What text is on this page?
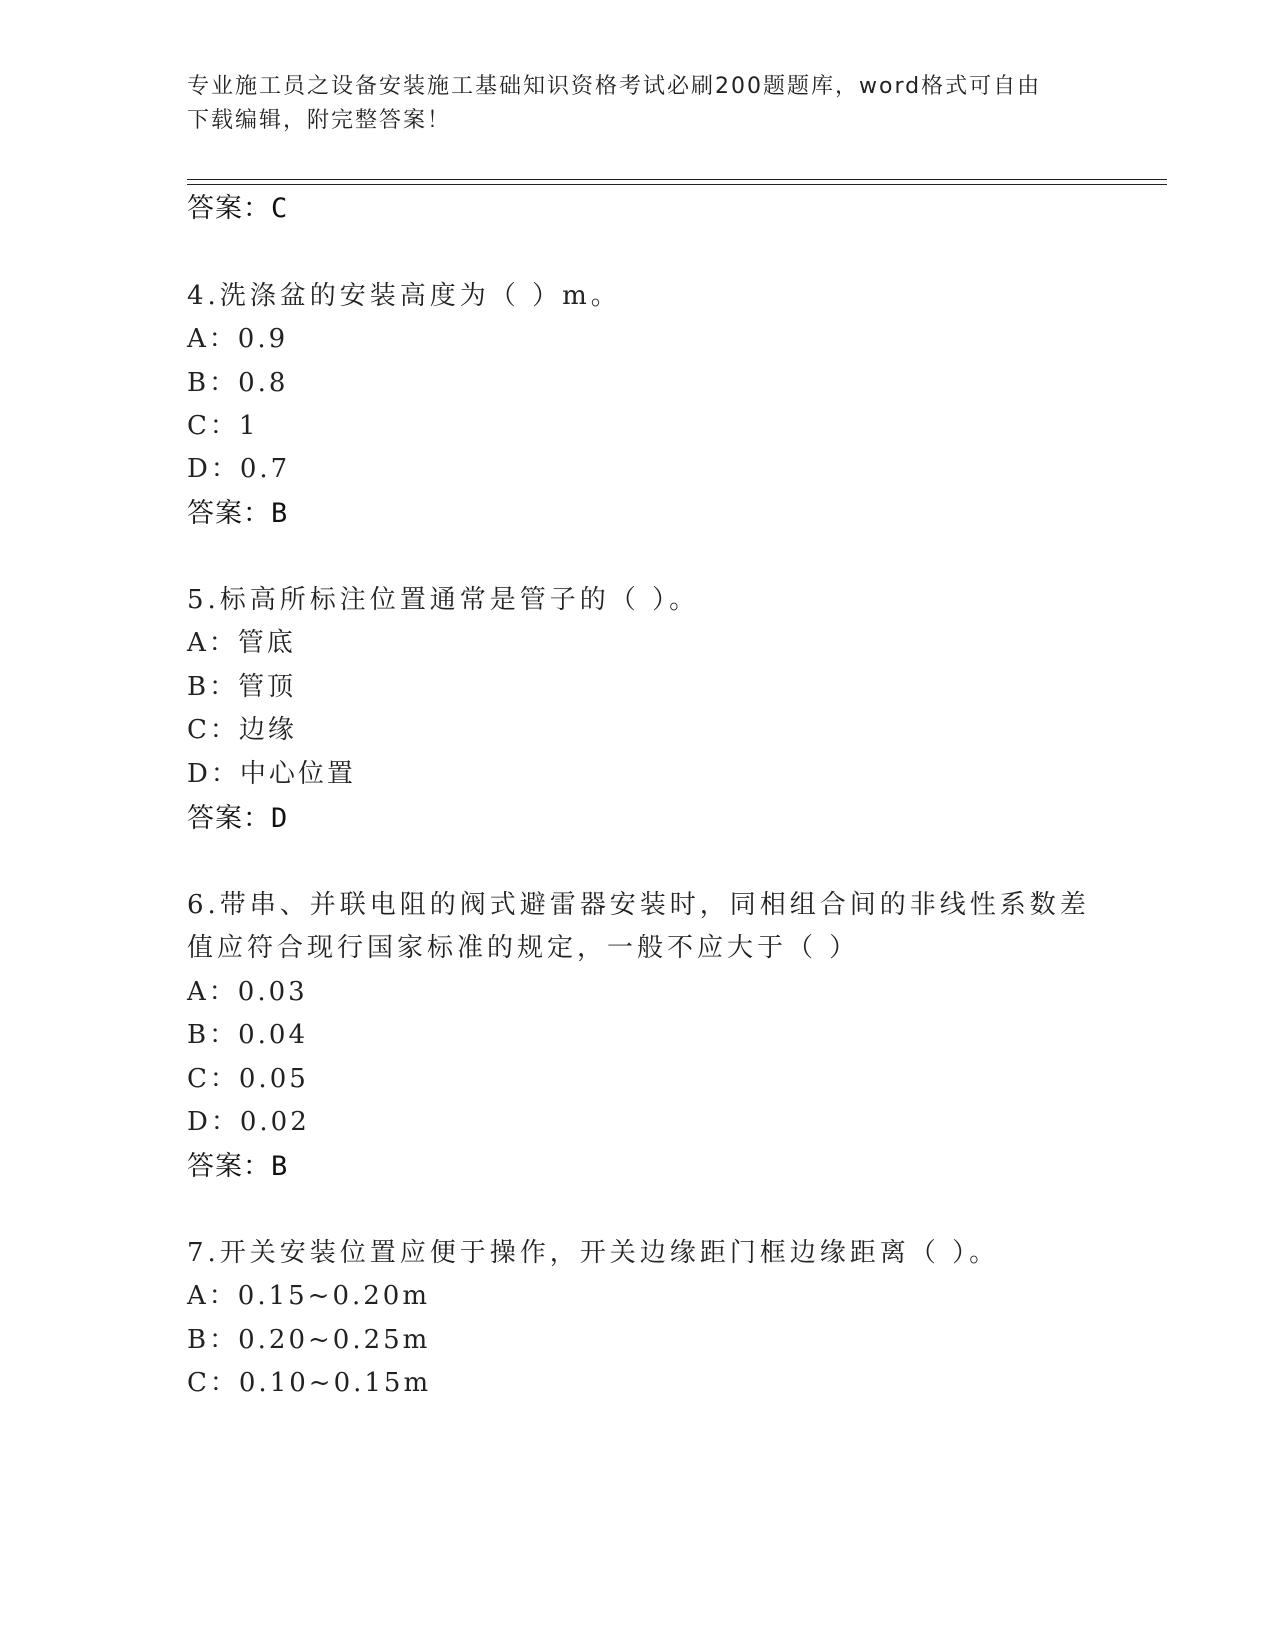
专业施工员之设备安装施工基础知识资格考试必刷200题题库，word格式可自由
下载编辑，附完整答案！
答案：C
4.洗涤盆的安装高度为（ ）m。
A：0.9
B：0.8
C：1
D：0.7
答案：B
5.标高所标注位置通常是管子的（ ）。
A：管底
B：管顶
C：边缘
D：中心位置
答案：D
6.带串、并联电阻的阀式避雷器安装时，同相组合间的非线性系数差
值应符合现行国家标准的规定，一般不应大于（ ）
A：0.03
B：0.04
C：0.05
D：0.02
答案：B
7.开关安装位置应便于操作，开关边缘距门框边缘距离（ ）。
A：0.15~0.20m
B：0.20~0.25m
C：0.10~0.15m
